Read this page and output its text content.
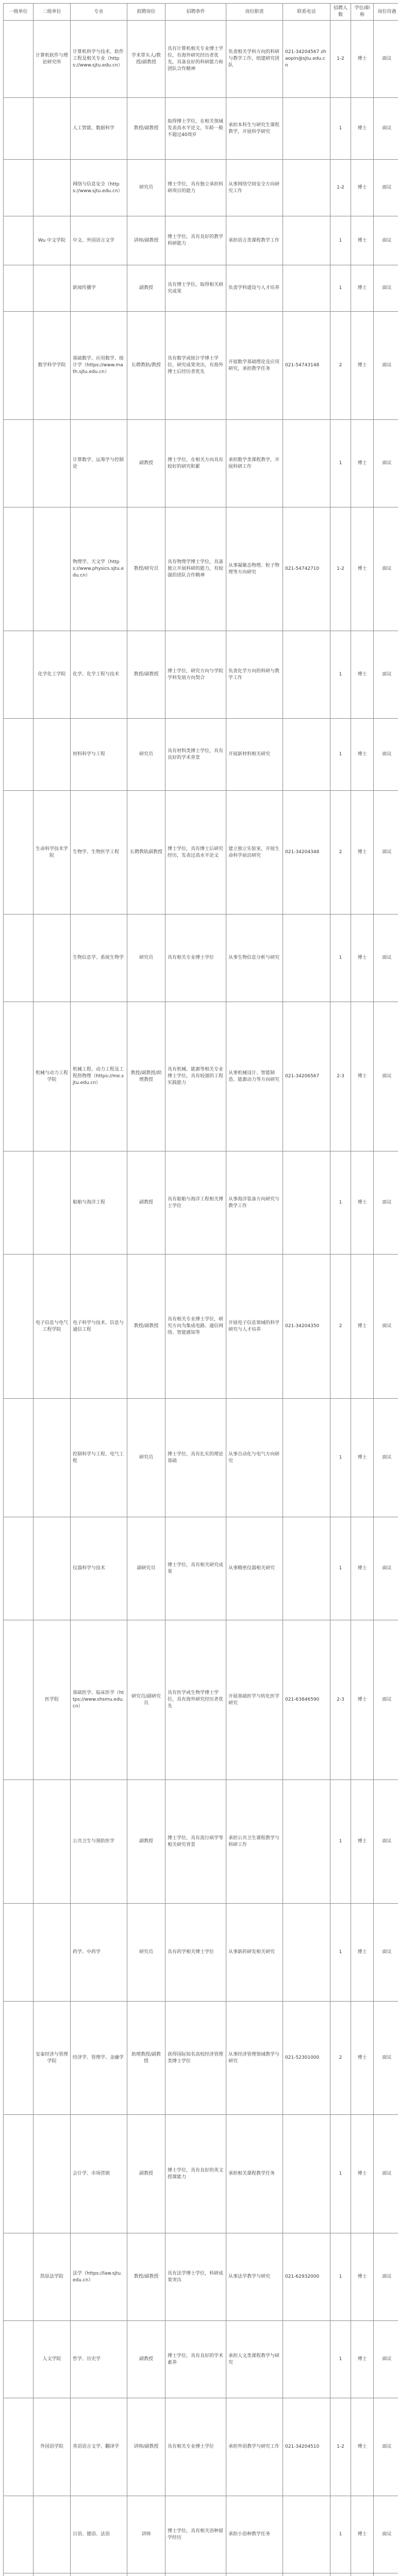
一级单位	二级单位	专业	拟聘岗位	招聘条件	岗位职责	联系电话	招聘人数	学位/职称	岗位待遇
	计算机软件与理论研究所	计算机科学与技术、软件工程及相关专业（https://www.sjtu.edu.cn）	学术带头人/教授/副教授	具有计算机相关专业博士学位，有海外研究经历者优先，具备良好的科研能力和团队合作精神	负责相关学科方向的科研与教学工作，组建研究团队	021-34204567 zhaopin@sjtu.edu.cn	1-2	博士	面议
		人工智能、数据科学	教授/副教授	取得博士学位，在相关领域发表高水平论文，年龄一般不超过40周岁	承担本科生与研究生课程教学，开展科学研究		1	博士	面议
		网络与信息安全（https://www.sjtu.edu.cn）	研究员	博士学位，具有独立承担科研项目的能力	从事网络空间安全方向研究工作		1-2	博士	面议
	Wu 中文学院	中文、外国语言文学	讲师/副教授	博士学位，具有良好的教学科研能力	承担语言类课程教学工作		1	博士	面议
		新闻传播学	副教授	具有博士学位，取得相关研究成果	负责学科建设与人才培养		1	博士	面议
	数学科学学院	基础数学、应用数学、统计学（https://www.math.sjtu.edu.cn）	长聘教轨/教授	具有数学或统计学博士学位，研究成果突出，有海外博士后经历者优先	开展数学基础理论及应用研究，承担教学任务	021-54743148	2	博士	面议
		计算数学、运筹学与控制论	副教授	博士学位，在相关方向具有较好的研究积累	承担数学类课程教学，开展科研工作		1	博士	面议
		物理学、天文学（https://www.physics.sjtu.edu.cn）	教授/研究员	具有物理学博士学位，具备独立开展科研的能力，有较强的团队合作精神	从事凝聚态物理、粒子物理等方向研究	021-54742710	1-2	博士	面议
	化学化工学院	化学、化学工程与技术	教授/副教授	博士学位，研究方向与学院学科发展方向契合	负责化学方向的科研与教学工作		1	博士	面议
		材料科学与工程	研究员	具有材料类博士学位，具有良好的学术背景	开展新材料相关研究		1	博士	面议
	生命科学技术学院	生物学、生物医学工程	长聘教轨副教授	博士学位，具有博士后研究经历，发表过高水平论文	建立独立实验室，开展生命科学前沿研究	021-34204348	2	博士	面议
		生物信息学、系统生物学	研究员	具有相关专业博士学位	从事生物信息分析与研究		1	博士	面议
	机械与动力工程学院	机械工程、动力工程及工程热物理（https://me.sjtu.edu.cn）	教授/副教授/助理教授	具有机械、能源等相关专业博士学位，具有较强的工程实践能力	从事机械设计、智能制造、能源动力等方向研究	021-34206567	2-3	博士	面议
		船舶与海洋工程	副教授	具有船舶与海洋工程相关博士学位	从事海洋装备方向研究与教学工作		1	博士	面议
	电子信息与电气工程学院	电子科学与技术、信息与通信工程	教授/副教授	具有相关专业博士学位，研究方向为集成电路、通信网络、智能感知等	开展电子信息领域的科学研究与人才培养	021-34204350	2	博士	面议
		控制科学与工程、电气工程	研究员	博士学位，具有扎实的理论基础	从事自动化与电气方向研究		1	博士	面议
		仪器科学与技术	副研究员	博士学位，具有相关研究成果	从事精密仪器相关研究		1	博士	面议
	医学院	基础医学、临床医学（https://www.shsmu.edu.cn）	研究员/副研究员	具有医学或生物学博士学位，具有海外研究经历者优先	开展基础医学与转化医学研究	021-63846590	2-3	博士	面议
		公共卫生与预防医学	副教授	博士学位，具有流行病学等相关研究背景	承担公共卫生课程教学与科研工作		1	博士	面议
		药学、中药学	研究员	具有药学相关博士学位	从事新药研发相关研究		1	博士	面议
	安泰经济与管理学院	经济学、管理学、金融学	助理教授/副教授	获得国际知名高校经济管理类博士学位	从事经济管理领域教学与研究	021-52301000	2	博士	面议
		会计学、市场营销	副教授	博士学位，具有良好的英文授课能力	承担相关课程教学任务		1	博士	面议
	凯原法学院	法学（https://law.sjtu.edu.cn）	教授/副教授	具有法学博士学位，科研成果突出	从事法学教学与研究	021-62932000	1	博士	面议
	人文学院	哲学、历史学	副教授	博士学位，具有良好的学术素养	承担人文类课程教学与研究		1	博士	面议
	外国语学院	英语语言文学、翻译学	讲师/副教授	具有相关专业博士学位	承担外语教学与研究工作	021-34204510	1-2	博士	面议
		日语、德语、法语	讲师	博士学位，具有相关语种留学经历	承担小语种教学任务		1	博士	面议
